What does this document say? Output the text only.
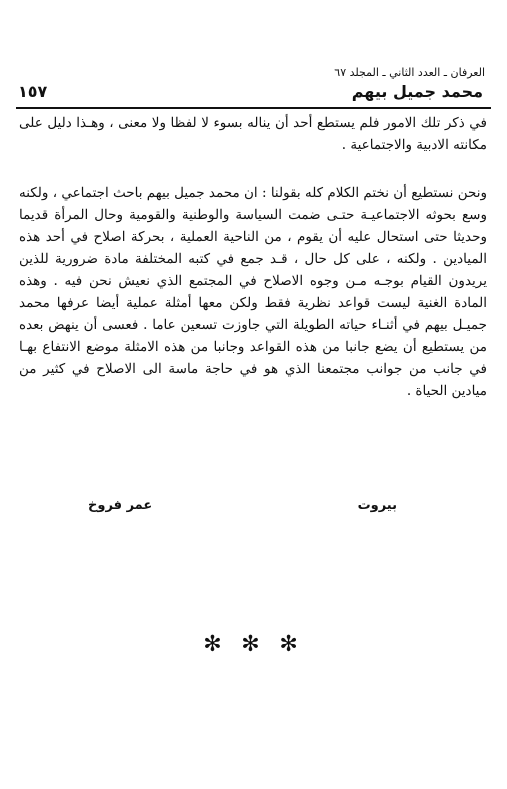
العرفان ـ العدد الثاني ـ المجلد ٦٧
١٥٧	محمد جميل بيهم

في ذكر تلك الامور فلم يستطع أحد أن يناله بسوء لا لفظا ولا معنى ، وهـذا دليل على مكانته الادبية والاجتماعية .

ونحن نستطيع أن نختم الكلام كله بقولنا : ان محمد جميل بيهم باحث اجتماعي ، ولكنه وسع بحوثه الاجتماعيـة حتـى ضمت السياسة والوطنية والقومية وحال المرأة قديما وحديثا حتى استحال عليه أن يقوم ، من الناحية العملية ، بحركة اصلاح في أحد هذه الميادين . ولكنه ، على كل حال ، قـد جمع في كتبه المختلفة مادة ضرورية للذين يريدون القيام بوجـه مـن وجوه الاصلاح في المجتمع الذي نعيش نحن فيه . وهذه المادة الغنية ليست قواعد نظرية فقط ولكن معها أمثلة عملية أيضا عرفها محمد جميـل بيهم في أثنـاء حياته الطويلة التي جاوزت تسعين عاما . فعسى أن ينهض بعده من يستطيع أن يضع جانبا من هذه القواعد وجانبا من هذه الامثلة موضع الانتفاع بهـا في جانب من جوانب مجتمعنا الذي هو في حاجة ماسة الى الاصلاح في كثير من ميادين الحياة .

بيروت
عمر فروخ
✻ ✻ ✻
